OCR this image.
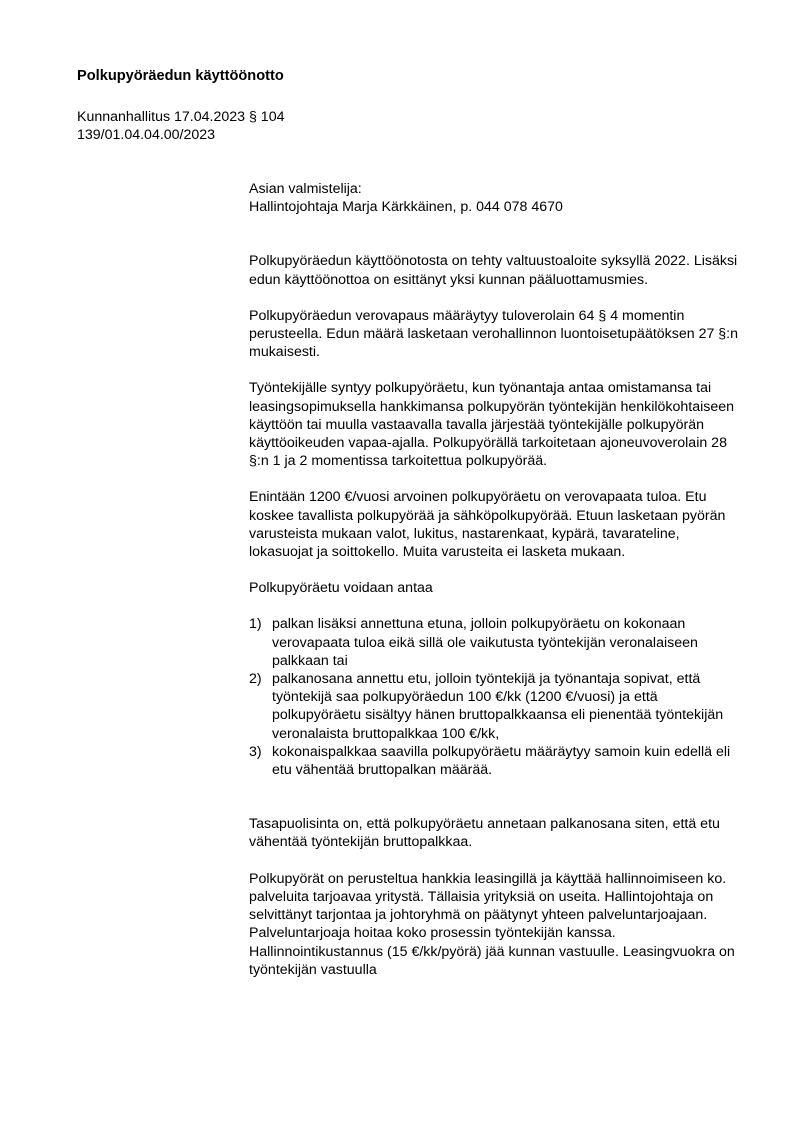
Polkupyöräedun käyttöönotto
Kunnanhallitus 17.04.2023 § 104
139/01.04.04.00/2023

Asian valmistelija:

Hallintojohtaja Marja Kärkkäinen, p. 044 078 4670

Polkupyöräedun käyttöönotosta on tehty valtuustoaloite syksyllä 2022. Lisäksi edun käyttöönottoa on esittänyt yksi kunnan pääluottamusmies.

Polkupyöräedun verovapaus määräytyy tuloverolain 64 § 4 momentin perusteella. Edun määrä lasketaan verohallinnon luontoisetupäätöksen 27 §:n mukaisesti.

Työntekijälle syntyy polkupyöräetu, kun työnantaja antaa omistamansa tai leasingsopimuksella hankkimansa polkupyörän työntekijän henkilökohtaiseen käyttöön tai muulla vastaavalla tavalla järjestää työntekijälle polkupyörän käyttöoikeuden vapaa-ajalla. Polkupyörällä tarkoitetaan ajoneuvoverolain 28 §:n 1 ja 2 momentissa tarkoitettua polkupyörää.

Enintään 1200 €/vuosi arvoinen polkupyöräetu on verovapaata tuloa. Etu koskee tavallista polkupyörää ja sähköpolkupyörää. Etuun lasketaan pyörän varusteista mukaan valot, lukitus, nastarenkaat, kypärä, tavarateline, lokasuojat ja soittokello. Muita varusteita ei lasketa mukaan.

Polkupyöräetu voidaan antaa

1) palkan lisäksi annettuna etuna, jolloin polkupyöräetu on kokonaan verovapaata tuloa eikä sillä ole vaikutusta työntekijän veronalaiseen palkkaan tai
2) palkanosana annettu etu, jolloin työntekijä ja työnantaja sopivat, että työntekijä saa polkupyöräedun 100 €/kk (1200 €/vuosi) ja että polkupyöräetu sisältyy hänen bruttopalkkaansa eli pienentää työntekijän veronalaista bruttopalkkaa 100 €/kk,
3) kokonaispalkkaa saavilla polkupyöräetu määräytyy samoin kuin edellä eli etu vähentää bruttopalkan määrää.

Tasapuolisinta on, että polkupyöräetu annetaan palkanosana siten, että etu vähentää työntekijän bruttopalkkaa.

Polkupyörät on perusteltua hankkia leasingillä ja käyttää hallinnoimiseen ko. palveluita tarjoavaa yritystä. Tällaisia yrityksiä on useita. Hallintojohtaja on selvittänyt tarjontaa ja johtoryhmä on päätynyt yhteen palveluntarjoajaan. Palveluntarjoaja hoitaa koko prosessin työntekijän kanssa. Hallinnointikustannus (15 €/kk/pyörä) jää kunnan vastuulle. Leasingvuokra on työntekijän vastuulla
